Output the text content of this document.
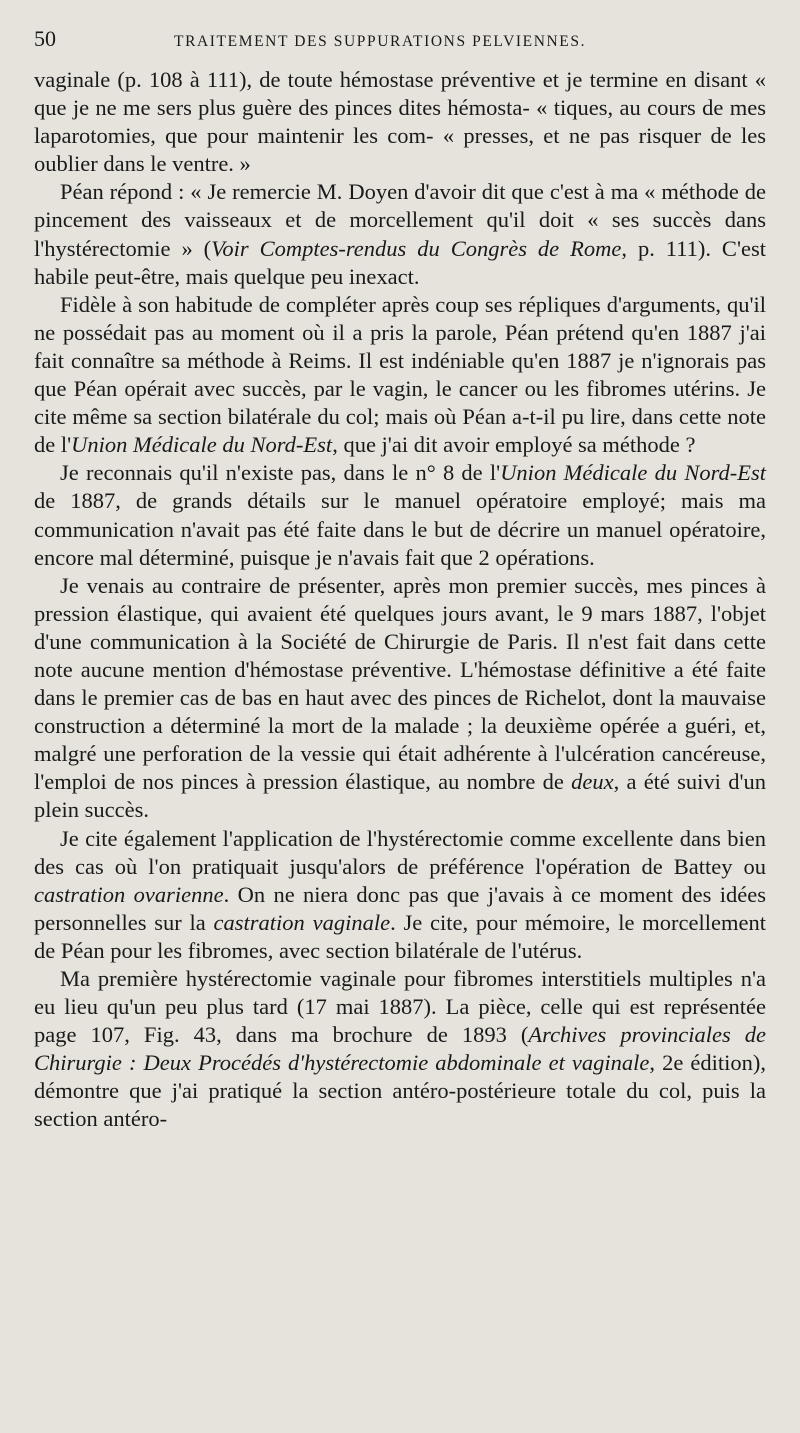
50	TRAITEMENT DES SUPPURATIONS PELVIENNES.

vaginale (p. 108 à 111), de toute hémostase préventive et je termine en disant « que je ne me sers plus guère des pinces dites hémosta- « tiques, au cours de mes laparotomies, que pour maintenir les com- « presses, et ne pas risquer de les oublier dans le ventre. »

Péan répond : « Je remercie M. Doyen d'avoir dit que c'est à ma « méthode de pincement des vaisseaux et de morcellement qu'il doit « ses succès dans l'hystérectomie » (Voir Comptes-rendus du Congrès de Rome, p. 111). C'est habile peut-être, mais quelque peu inexact.

Fidèle à son habitude de compléter après coup ses répliques d'arguments, qu'il ne possédait pas au moment où il a pris la parole, Péan prétend qu'en 1887 j'ai fait connaître sa méthode à Reims. Il est indéniable qu'en 1887 je n'ignorais pas que Péan opérait avec succès, par le vagin, le cancer ou les fibromes utérins. Je cite même sa section bilatérale du col; mais où Péan a-t-il pu lire, dans cette note de l'Union Médicale du Nord-Est, que j'ai dit avoir employé sa méthode ?

Je reconnais qu'il n'existe pas, dans le n° 8 de l'Union Médicale du Nord-Est de 1887, de grands détails sur le manuel opératoire employé; mais ma communication n'avait pas été faite dans le but de décrire un manuel opératoire, encore mal déterminé, puisque je n'avais fait que 2 opérations.

Je venais au contraire de présenter, après mon premier succès, mes pinces à pression élastique, qui avaient été quelques jours avant, le 9 mars 1887, l'objet d'une communication à la Société de Chirurgie de Paris. Il n'est fait dans cette note aucune mention d'hémostase préventive. L'hémostase définitive a été faite dans le premier cas de bas en haut avec des pinces de Richelot, dont la mauvaise construction a déterminé la mort de la malade ; la deuxième opérée a guéri, et, malgré une perforation de la vessie qui était adhérente à l'ulcération cancéreuse, l'emploi de nos pinces à pression élastique, au nombre de deux, a été suivi d'un plein succès.

Je cite également l'application de l'hystérectomie comme excellente dans bien des cas où l'on pratiquait jusqu'alors de préférence l'opération de Battey ou castration ovarienne. On ne niera donc pas que j'avais à ce moment des idées personnelles sur la castration vaginale. Je cite, pour mémoire, le morcellement de Péan pour les fibromes, avec section bilatérale de l'utérus.

Ma première hystérectomie vaginale pour fibromes interstitiels multiples n'a eu lieu qu'un peu plus tard (17 mai 1887). La pièce, celle qui est représentée page 107, Fig. 43, dans ma brochure de 1893 (Archives provinciales de Chirurgie : Deux Procédés d'hystérectomie abdominale et vaginale, 2e édition), démontre que j'ai pratiqué la section antéro-postérieure totale du col, puis la section antéro-
